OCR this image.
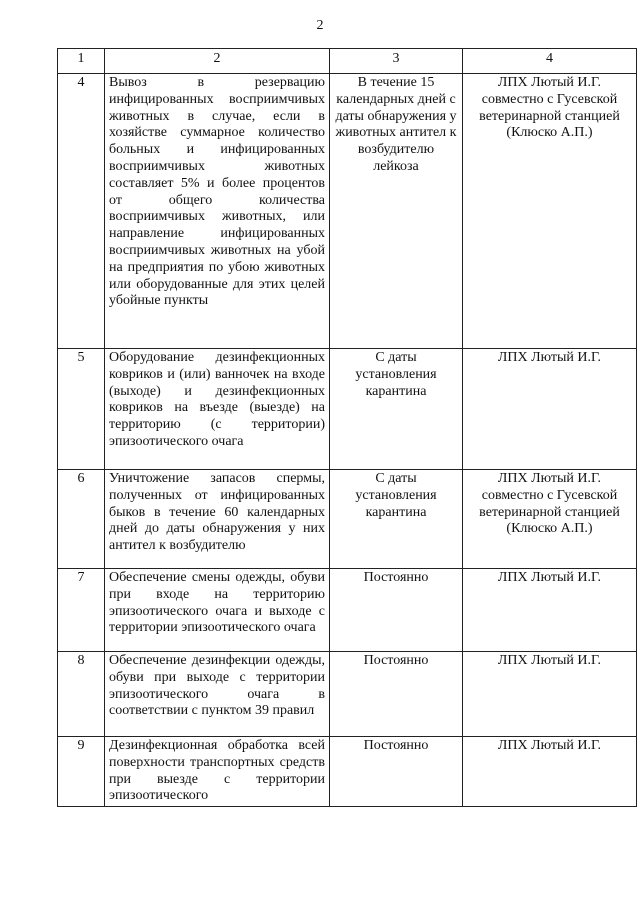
2
1	2	3	4
4	Вывоз в резервацию инфицированных восприимчивых животных в случае, если в хозяйстве суммарное количество больных и инфицированных восприимчивых животных составляет 5% и более процентов от общего количества восприимчивых животных, или направление инфицированных восприимчивых животных на убой на предприятия по убою животных или оборудованные для этих целей убойные пункты	В течение 15 календарных дней с даты обнаружения у животных антител к возбудителю лейкоза	ЛПХ Лютый И.Г. совместно с Гусевской ветеринарной станцией (Клюско А.П.)
5	Оборудование дезинфекционных ковриков и (или) ванночек на входе (выходе) и дезинфекционных ковриков на въезде (выезде) на территорию (с территории) эпизоотического очага	С даты установления карантина	ЛПХ Лютый И.Г.
6	Уничтожение запасов спермы, полученных от инфицированных быков в течение 60 календарных дней до даты обнаружения у них антител к возбудителю	С даты установления карантина	ЛПХ Лютый И.Г. совместно с Гусевской ветеринарной станцией (Клюско А.П.)
7	Обеспечение смены одежды, обуви при входе на территорию эпизоотического очага и выходе с территории эпизоотического очага	Постоянно	ЛПХ Лютый И.Г.
8	Обеспечение дезинфекции одежды, обуви при выходе с территории эпизоотического очага в соответствии с пунктом 39 правил	Постоянно	ЛПХ Лютый И.Г.
9	Дезинфекционная обработка всей поверхности транспортных средств при выезде с территории эпизоотического	Постоянно	ЛПХ Лютый И.Г.
